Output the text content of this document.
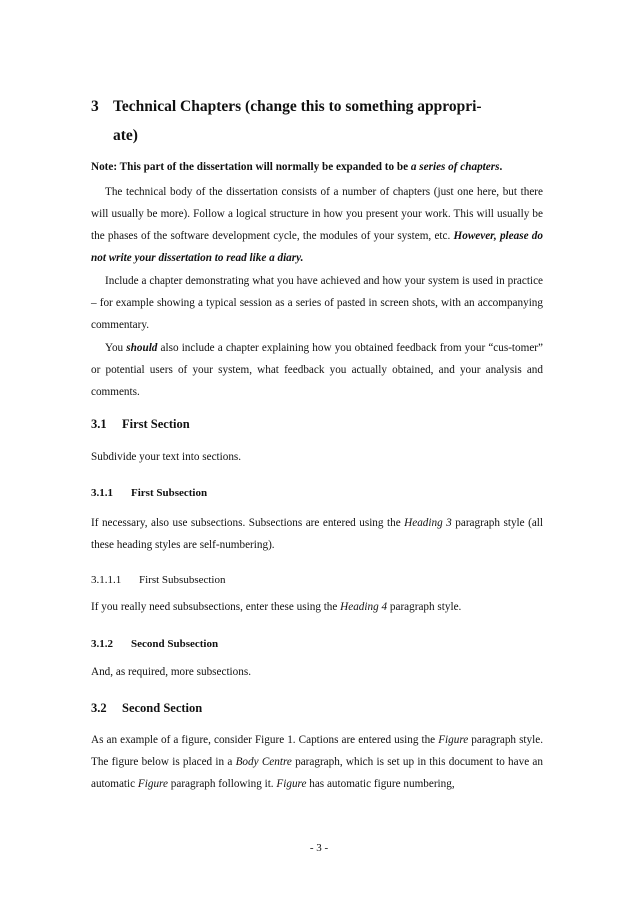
3 Technical Chapters (change this to something appropri-
ate)

Note: This part of the dissertation will normally be expanded to be a series of chapters.

The technical body of the dissertation consists of a number of chapters (just one here, but there will usually be more). Follow a logical structure in how you present your work. This will usually be the phases of the software development cycle, the modules of your system, etc. However, please do not write your dissertation to read like a diary.

Include a chapter demonstrating what you have achieved and how your system is used in practice – for example showing a typical session as a series of pasted in screen shots, with an accompanying commentary.

You should also include a chapter explaining how you obtained feedback from your “cus-tomer” or potential users of your system, what feedback you actually obtained, and your analysis and comments.

3.1 First Section

Subdivide your text into sections.

3.1.1 First Subsection

If necessary, also use subsections. Subsections are entered using the Heading 3 paragraph style (all these heading styles are self-numbering).

3.1.1.1 First Subsubsection

If you really need subsubsections, enter these using the Heading 4 paragraph style.

3.1.2 Second Subsection

And, as required, more subsections.

3.2 Second Section

As an example of a figure, consider Figure 1. Captions are entered using the Figure paragraph style. The figure below is placed in a Body Centre paragraph, which is set up in this document to have an automatic Figure paragraph following it. Figure has automatic figure numbering,

- 3 -
